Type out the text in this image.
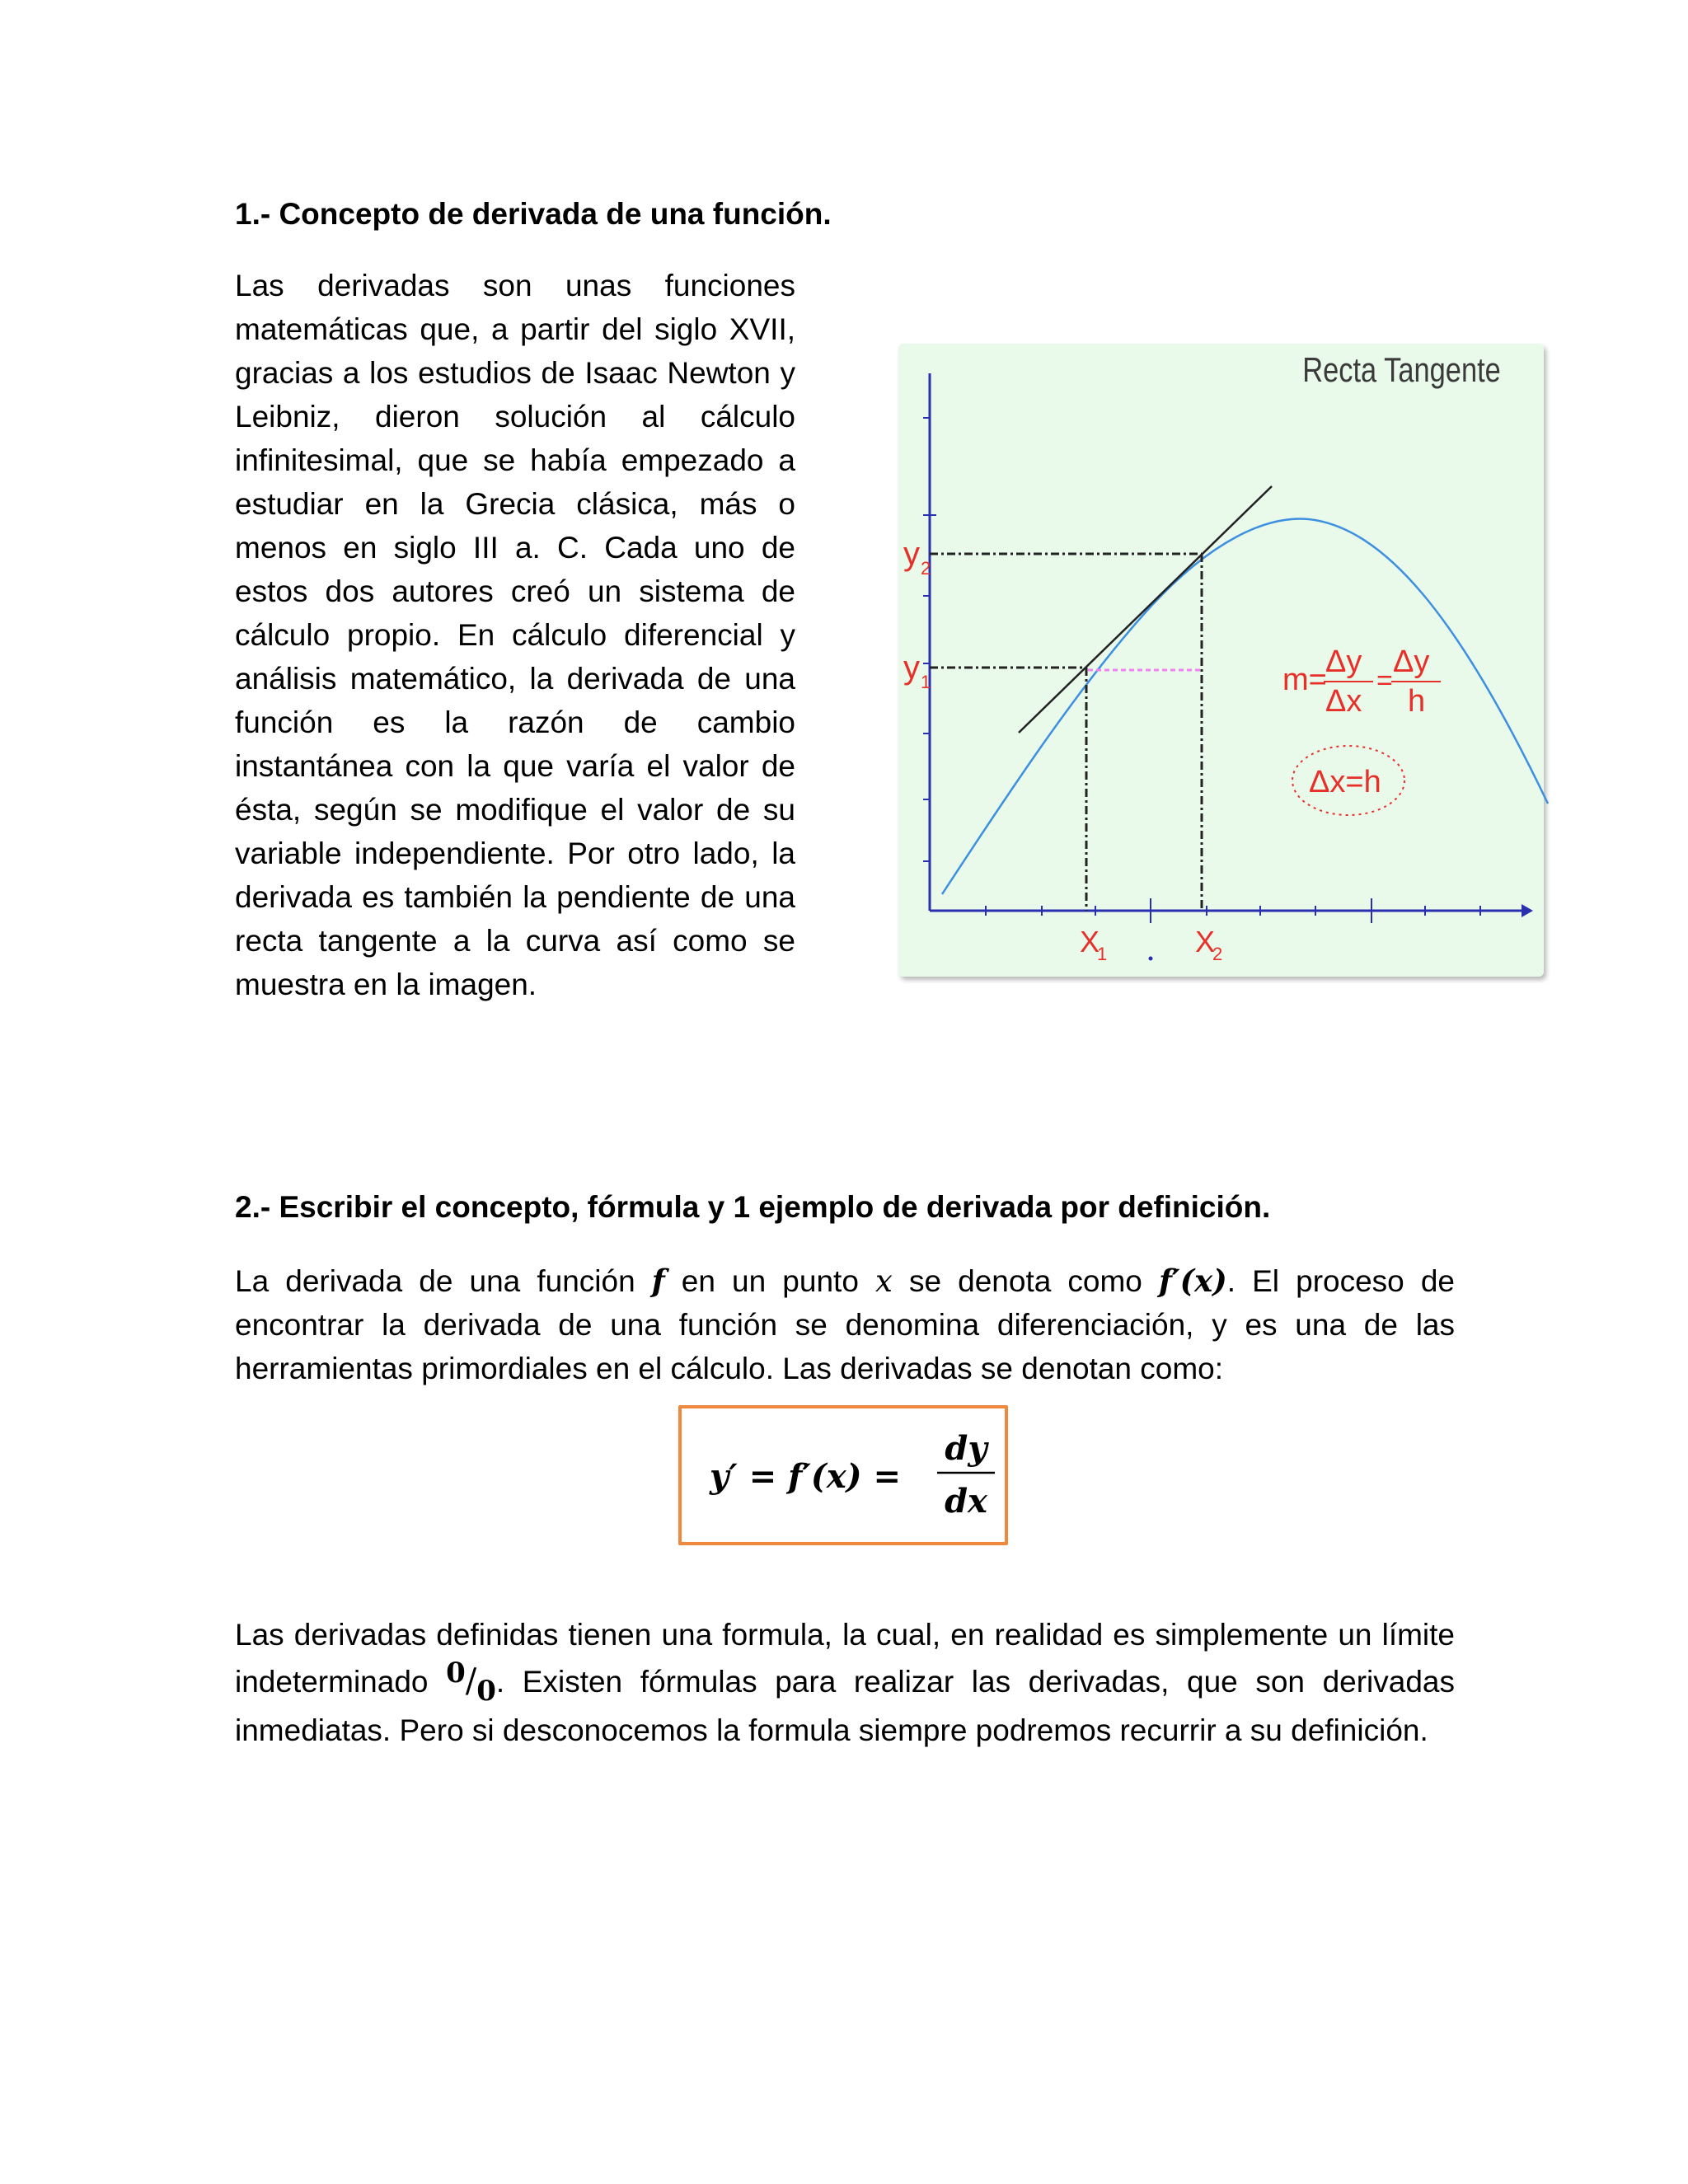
1.- Concepto de derivada de una función.

Las derivadas son unas funciones matemáticas que, a partir del siglo XVII, gracias a los estudios de Isaac Newton y Leibniz, dieron solución al cálculo infinitesimal, que se había empezado a estudiar en la Grecia clásica, más o menos en siglo III a. C. Cada uno de estos dos autores creó un sistema de cálculo propio. En cálculo diferencial y análisis matemático, la derivada de una función es la razón de cambio instantánea con la que varía el valor de ésta, según se modifique el valor de su variable independiente. Por otro lado, la derivada es también la pendiente de una recta tangente a la curva así como se muestra en la imagen.

Recta Tangente
y 2
y 1
X
1	X
2
m=
Δy
Δx
=
Δy
h
Δx=h
2.- Escribir el concepto, fórmula y 1 ejemplo de derivada por definición.

La derivada de una función f en un punto x se denota como f′(x). El proceso de encontrar la derivada de una función se denomina diferenciación, y es una de las herramientas primordiales en el cálculo. Las derivadas se denotan como:

y′ = f′(x) =
dy
dx

Las derivadas definidas tienen una formula, la cual, en realidad es simplemente un límite indeterminado 0/0. Existen fórmulas para realizar las derivadas, que son derivadas inmediatas. Pero si desconocemos la formula siempre podremos recurrir a su definición.
